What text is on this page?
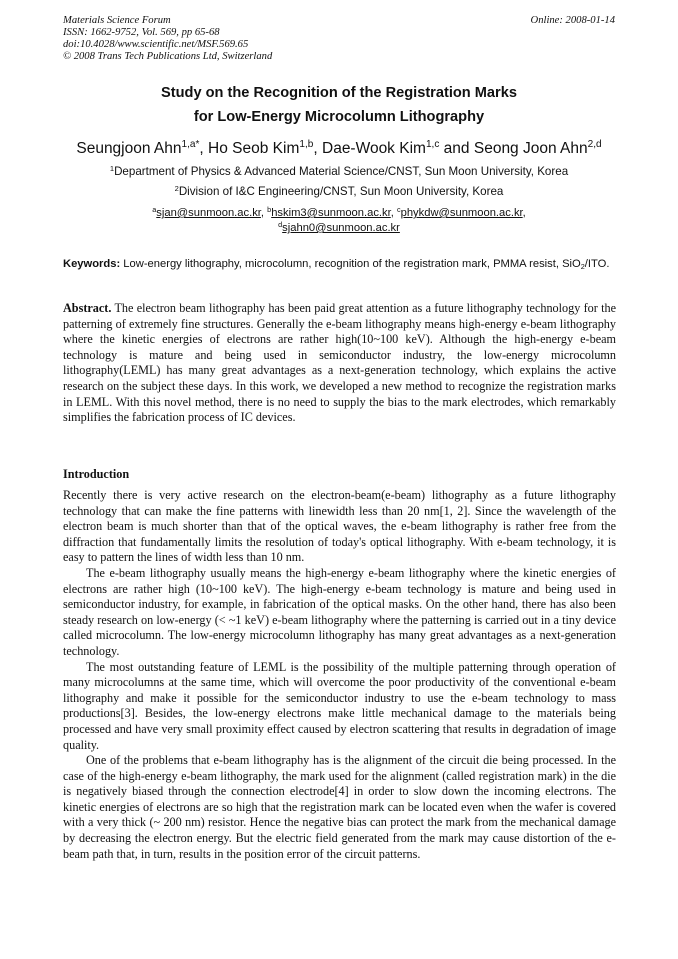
Materials Science Forum
ISSN: 1662-9752, Vol. 569, pp 65-68
doi:10.4028/www.scientific.net/MSF.569.65
© 2008 Trans Tech Publications Ltd, Switzerland
Online: 2008-01-14
Study on the Recognition of the Registration Marks
for Low-Energy Microcolumn Lithography
Seungjoon Ahn$^{1,a*}$, Ho Seob Kim$^{1,b}$, Dae-Wook Kim$^{1,c}$ and Seong Joon Ahn$^{2,d}$
$^1$Department of Physics & Advanced Material Science/CNST, Sun Moon University, Korea
$^2$Division of I&C Engineering/CNST, Sun Moon University, Korea
$^a$sjan@sunmoon.ac.kr, $^b$hskim3@sunmoon.ac.kr, $^c$phykdw@sunmoon.ac.kr,
$^d$sjahn0@sunmoon.ac.kr
Keywords: Low-energy lithography, microcolumn, recognition of the registration mark, PMMA resist, SiO$_2$/ITO.
Abstract. The electron beam lithography has been paid great attention as a future lithography technology for the patterning of extremely fine structures. Generally the e-beam lithography means high-energy e-beam lithography where the kinetic energies of electrons are rather high(10~100 keV). Although the high-energy e-beam technology is mature and being used in semiconductor industry, the low-energy microcolumn lithography(LEML) has many great advantages as a next-generation technology, which explains the active research on the subject these days. In this work, we developed a new method to recognize the registration marks in LEML. With this novel method, there is no need to supply the bias to the mark electrodes, which remarkably simplifies the fabrication process of IC devices.
Introduction

Recently there is very active research on the electron-beam(e-beam) lithography as a future lithography technology that can make the fine patterns with linewidth less than 20 nm[1, 2]. Since the wavelength of the electron beam is much shorter than that of the optical waves, the e-beam lithography is rather free from the diffraction that fundamentally limits the resolution of today's optical lithography. With e-beam technology, it is easy to pattern the lines of width less than 10 nm.

The e-beam lithography usually means the high-energy e-beam lithography where the kinetic energies of electrons are rather high (10~100 keV). The high-energy e-beam technology is mature and being used in semiconductor industry, for example, in fabrication of the optical masks. On the other hand, there has also been steady research on low-energy (< ~1 keV) e-beam lithography where the patterning is carried out in a tiny device called microcolumn. The low-energy microcolumn lithography has many great advantages as a next-generation technology.

The most outstanding feature of LEML is the possibility of the multiple patterning through operation of many microcolumns at the same time, which will overcome the poor productivity of the conventional e-beam lithography and make it possible for the semiconductor industry to use the e-beam technology to mass productions[3]. Besides, the low-energy electrons make little mechanical damage to the materials being processed and have very small proximity effect caused by electron scattering that results in degradation of image quality.

One of the problems that e-beam lithography has is the alignment of the circuit die being processed. In the case of the high-energy e-beam lithography, the mark used for the alignment (called registration mark) in the die is negatively biased through the connection electrode[4] in order to slow down the incoming electrons. The kinetic energies of electrons are so high that the registration mark can be located even when the wafer is covered with a very thick (~ 200 nm) resistor. Hence the negative bias can protect the mark from the mechanical damage by decreasing the electron energy. But the electric field generated from the mark may cause distortion of the e-beam path that, in turn, results in the position error of the circuit patterns.
